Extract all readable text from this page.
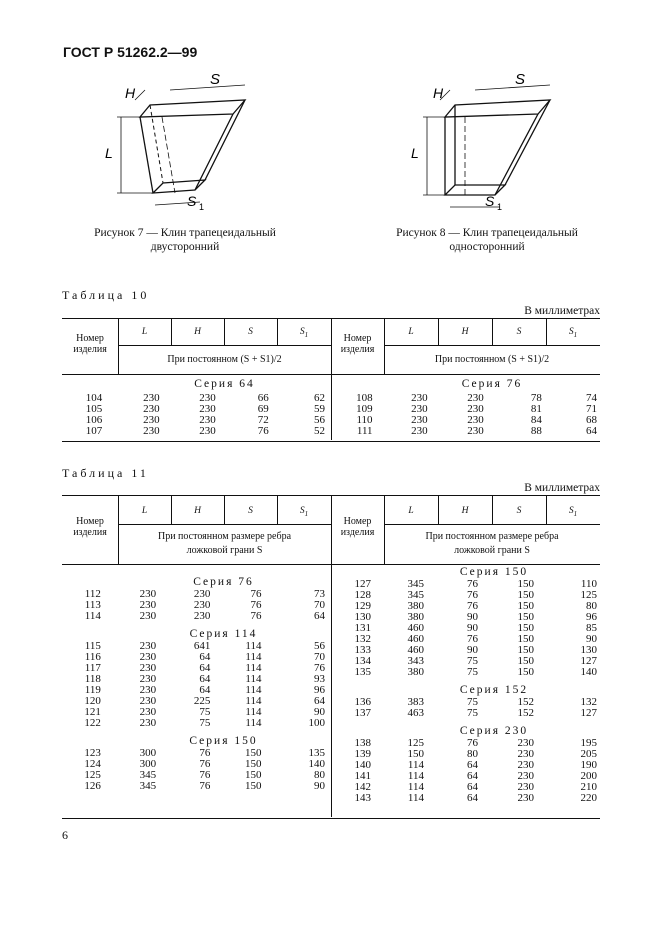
ГОСТ Р 51262.2—99
S
H
L
S 1
S
H
L
S 1
Рисунок 7 — Клин трапецеидальный
двусторонний
Рисунок 8 — Клин трапецеидальный
односторонний
Таблица 10
В миллиметрах
Номер изделия
L	H	S	$S_1$
При постоянном (S + S1)/2
Номер изделия
L	H	S	$S_1$
При постоянном (S + S1)/2
Серия 64	Серия 76
104	230	230	66	62
105	230	230	69	59
106	230	230	72	56
107	230	230	76	52
108	230	230	78	74
109	230	230	81	71
110	230	230	84	68
111	230	230	88	64
Таблица 11
В миллиметрах
Номер изделия
L	H	S	$S_1$
При постоянном размере ребра
ложковой грани S
Номер изделия
L	H	S	$S_1$
При постоянном размере ребра
ложковой грани S
Серия 76
112	230	230	76	73
113	230	230	76	70
114	230	230	76	64
Серия 114
115	230	641	114	56
116	230	64	114	70
117	230	64	114	76
118	230	64	114	93
119	230	64	114	96
120	230	225	114	64
121	230	75	114	90
122	230	75	114	100
Серия 150
123	300	76	150	135
124	300	76	150	140
125	345	76	150	80
126	345	76	150	90
Серия 150
127	345	76	150	110
128	345	76	150	125
129	380	76	150	80
130	380	90	150	96
131	460	90	150	85
132	460	76	150	90
133	460	90	150	130
134	343	75	150	127
135	380	75	150	140
Серия 152
136	383	75	152	132
137	463	75	152	127
Серия 230
138	125	76	230	195
139	150	80	230	205
140	114	64	230	190
141	114	64	230	200
142	114	64	230	210
143	114	64	230	220
6
